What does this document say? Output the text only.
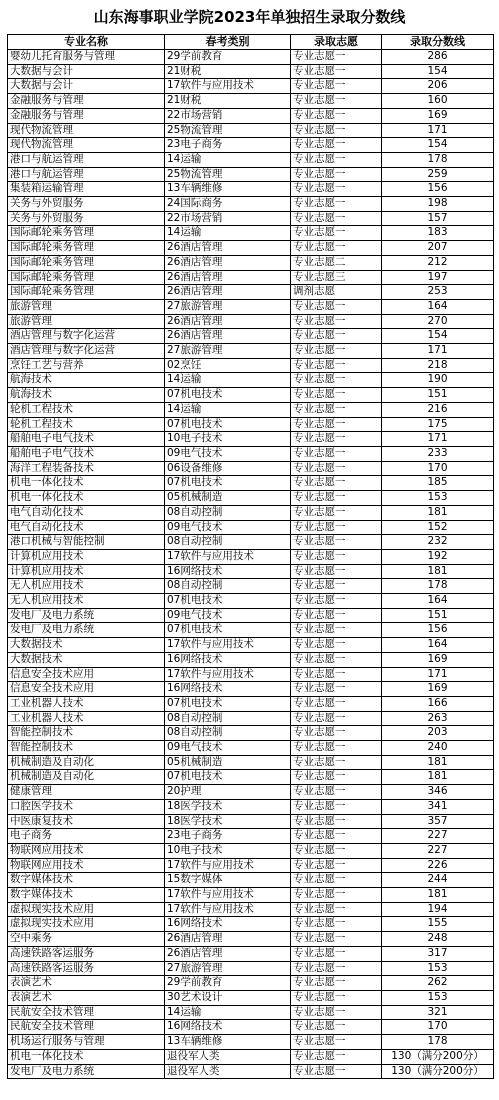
山东海事职业学院2023年单独招生录取分数线
专业名称	春考类别	录取志愿	录取分数线
婴幼儿托育服务与管理	29学前教育	专业志愿一	286
大数据与会计	21财税	专业志愿一	154
大数据与会计	17软件与应用技术	专业志愿一	206
金融服务与管理	21财税	专业志愿一	160
金融服务与管理	22市场营销	专业志愿一	169
现代物流管理	25物流管理	专业志愿一	171
现代物流管理	23电子商务	专业志愿一	154
港口与航运管理	14运输	专业志愿一	178
港口与航运管理	25物流管理	专业志愿一	259
集装箱运输管理	13车辆维修	专业志愿一	156
关务与外贸服务	24国际商务	专业志愿一	198
关务与外贸服务	22市场营销	专业志愿一	157
国际邮轮乘务管理	14运输	专业志愿一	183
国际邮轮乘务管理	26酒店管理	专业志愿一	207
国际邮轮乘务管理	26酒店管理	专业志愿二	212
国际邮轮乘务管理	26酒店管理	专业志愿三	197
国际邮轮乘务管理	26酒店管理	调剂志愿	253
旅游管理	27旅游管理	专业志愿一	164
旅游管理	26酒店管理	专业志愿一	270
酒店管理与数字化运营	26酒店管理	专业志愿一	154
酒店管理与数字化运营	27旅游管理	专业志愿一	171
烹饪工艺与营养	02烹饪	专业志愿一	218
航海技术	14运输	专业志愿一	190
航海技术	07机电技术	专业志愿一	151
轮机工程技术	14运输	专业志愿一	216
轮机工程技术	07机电技术	专业志愿一	175
船舶电子电气技术	10电子技术	专业志愿一	171
船舶电子电气技术	09电气技术	专业志愿一	233
海洋工程装备技术	06设备维修	专业志愿一	170
机电一体化技术	07机电技术	专业志愿一	185
机电一体化技术	05机械制造	专业志愿一	153
电气自动化技术	08自动控制	专业志愿一	181
电气自动化技术	09电气技术	专业志愿一	152
港口机械与智能控制	08自动控制	专业志愿一	232
计算机应用技术	17软件与应用技术	专业志愿一	192
计算机应用技术	16网络技术	专业志愿一	181
无人机应用技术	08自动控制	专业志愿一	178
无人机应用技术	07机电技术	专业志愿一	164
发电厂及电力系统	09电气技术	专业志愿一	151
发电厂及电力系统	07机电技术	专业志愿一	156
大数据技术	17软件与应用技术	专业志愿一	164
大数据技术	16网络技术	专业志愿一	169
信息安全技术应用	17软件与应用技术	专业志愿一	171
信息安全技术应用	16网络技术	专业志愿一	169
工业机器人技术	07机电技术	专业志愿一	166
工业机器人技术	08自动控制	专业志愿一	263
智能控制技术	08自动控制	专业志愿一	203
智能控制技术	09电气技术	专业志愿一	240
机械制造及自动化	05机械制造	专业志愿一	181
机械制造及自动化	07机电技术	专业志愿一	181
健康管理	20护理	专业志愿一	346
口腔医学技术	18医学技术	专业志愿一	341
中医康复技术	18医学技术	专业志愿一	357
电子商务	23电子商务	专业志愿一	227
物联网应用技术	10电子技术	专业志愿一	227
物联网应用技术	17软件与应用技术	专业志愿一	226
数字媒体技术	15数字媒体	专业志愿一	244
数字媒体技术	17软件与应用技术	专业志愿一	181
虚拟现实技术应用	17软件与应用技术	专业志愿一	194
虚拟现实技术应用	16网络技术	专业志愿一	155
空中乘务	26酒店管理	专业志愿一	248
高速铁路客运服务	26酒店管理	专业志愿一	317
高速铁路客运服务	27旅游管理	专业志愿一	153
表演艺术	29学前教育	专业志愿一	262
表演艺术	30艺术设计	专业志愿一	153
民航安全技术管理	14运输	专业志愿一	321
民航安全技术管理	16网络技术	专业志愿一	170
机场运行服务与管理	13车辆维修	专业志愿一	178
机电一体化技术	退役军人类	专业志愿一	130（满分200分）
发电厂及电力系统	退役军人类	专业志愿一	130（满分200分）
